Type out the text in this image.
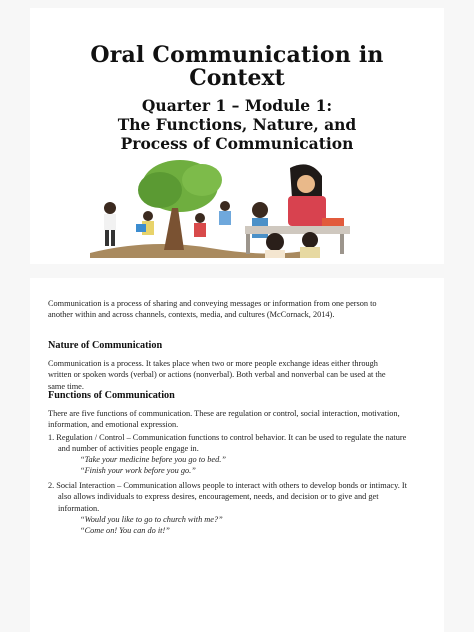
Oral Communication in
Context
Quarter 1 – Module 1:
The Functions, Nature, and
Process of Communication
Communication is a process of sharing and conveying messages or information from one person to another within and across channels, contexts, media, and cultures (McCornack, 2014).
Nature of Communication
Communication is a process. It takes place when two or more people exchange ideas either through written or spoken words (verbal) or actions (nonverbal). Both verbal and nonverbal can be used at the same time.
Functions of Communication
There are five functions of communication. These are regulation or control, social interaction, motivation, information, and emotional expression.
1. Regulation / Control – Communication functions to control behavior. It can be used to regulate the nature and number of activities people engage in.
“Take your medicine before you go to bed.”
“Finish your work before you go.”
2. Social Interaction – Communication allows people to interact with others to develop bonds or intimacy. It also allows individuals to express desires, encouragement, needs, and decision or to give and get information.
“Would you like to go to church with me?”
“Come on! You can do it!”
